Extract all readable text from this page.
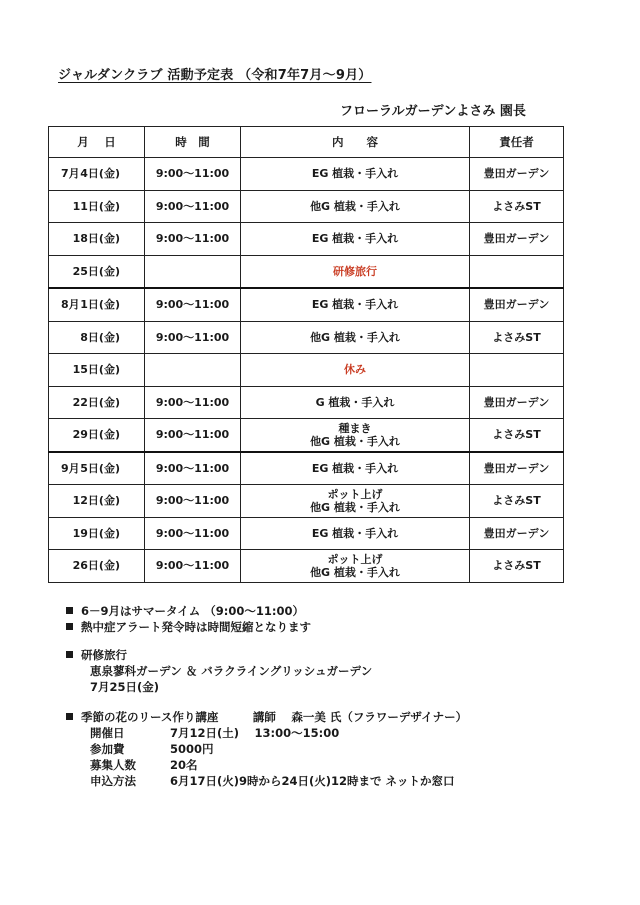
ジャルダンクラブ 活動予定表 （令和7年7月～9月）
フローラルガーデンよさみ 園長
月　 日	時　間	内　　容	責任者

7月 4日(金)	9:00～11:00	EG 植栽・手入れ	豊田ガーデン

11日(金)	9:00～11:00	他G 植栽・手入れ	よさみST

18日(金)	9:00～11:00	EG 植栽・手入れ	豊田ガーデン

25日(金)		研修旅行	

8月 1日(金)	9:00～11:00	EG 植栽・手入れ	豊田ガーデン

8日(金)	9:00～11:00	他G 植栽・手入れ	よさみST

15日(金)		休み	

22日(金)	9:00～11:00	G 植栽・手入れ	豊田ガーデン

29日(金)	9:00～11:00	種まき
他G 植栽・手入れ	よさみST

9月 5日(金)	9:00～11:00	EG 植栽・手入れ	豊田ガーデン

12日(金)	9:00～11:00	ポット上げ
他G 植栽・手入れ	よさみST

19日(金)	9:00～11:00	EG 植栽・手入れ	豊田ガーデン

26日(金)	9:00～11:00	ポット上げ
他G 植栽・手入れ	よさみST
6－9月はサマータイム （9:00～11:00）
熱中症アラート発令時は時間短縮となります
研修旅行
恵泉蓼科ガーデン ＆ バラクライングリッシュガーデン
7月25日(金)
季節の花のリース作り講座　　　講師　 森一美 氏（フラワーデザイナー）
開催日	7月12日(土)　 13:00～15:00
参加費	5000円
募集人数	20名
申込方法	6月17日(火)9時から24日(火)12時まで ネットか窓口
